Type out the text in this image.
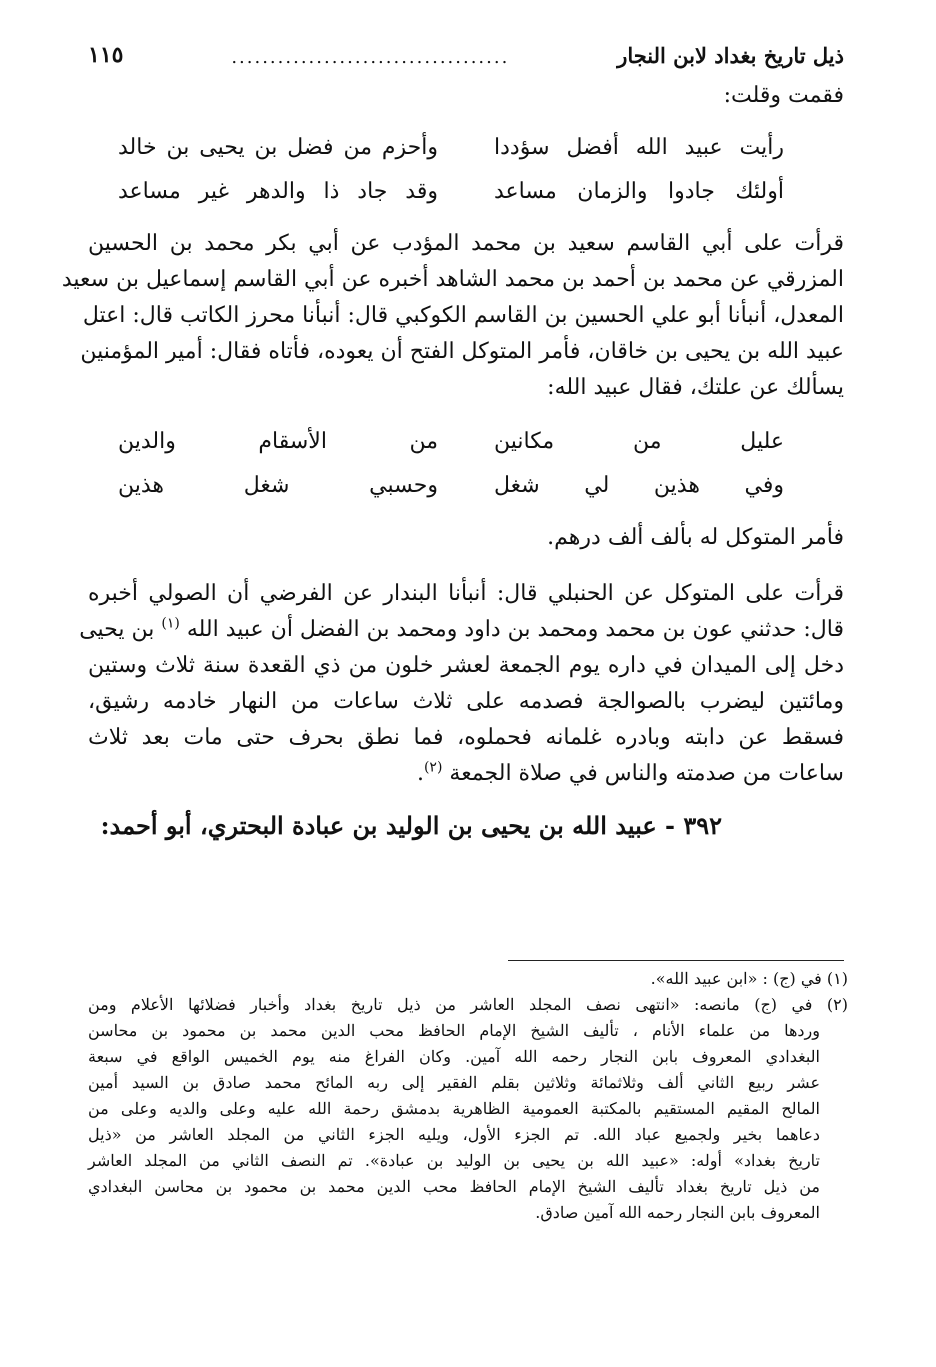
ذيل تاريخ بغداد لابن النجار
....................................
١١٥
فقمت وقلت:
رأيت عبيد الله أفضل سؤددا
وأحزم من فضل بن يحيى بن خالد
أولئك جادوا والزمان مساعد
وقد جاد ذا والدهر غير مساعد
قرأت على أبي القاسم سعيد بن محمد المؤدب عن أبي بكر محمد بن الحسين
المزرقي عن محمد بن أحمد بن محمد الشاهد أخبره عن أبي القاسم إسماعيل بن سعيد
المعدل، أنبأنا أبو علي الحسين بن القاسم الكوكبي قال: أنبأنا محرز الكاتب قال: اعتل
عبيد الله بن يحيى بن خاقان، فأمر المتوكل الفتح أن يعوده، فأتاه فقال: أمير المؤمنين
يسألك عن علتك، فقال عبيد الله:
عليل من مكانين
من الأسقام والدين
وفي هذين لي شغل
وحسبي شغل هذين
فأمر المتوكل له بألف ألف درهم.
قرأت على المتوكل عن الحنبلي قال: أنبأنا البندار عن الفرضي أن الصولي أخبره
قال: حدثني عون بن محمد ومحمد بن داود ومحمد بن الفضل أن عبيد الله $^{(١)}$ بن يحيى
دخل إلى الميدان في داره يوم الجمعة لعشر خلون من ذي القعدة سنة ثلاث وستين
ومائتين ليضرب بالصوالجة فصدمه على ثلاث ساعات من النهار خادمه رشيق،
فسقط عن دابته وبادره غلمانه فحملوه، فما نطق بحرف حتى مات بعد ثلاث
ساعات من صدمته والناس في صلاة الجمعة $^{(٢)}$.
٣٩٢ - عبيد الله بن يحيى بن الوليد بن عبادة البحتري، أبو أحمد:
(١) في (ج) : «ابن عبيد الله».
(٢) في (ج) مانصه: «انتهى نصف المجلد العاشر من ذيل تاريخ بغداد وأخبار فضلائها الأعلام ومن
وردها من علماء الأنام ، تأليف الشيخ الإمام الحافظ محب الدين محمد بن محمود بن محاسن
البغدادي المعروف بابن النجار رحمه الله آمين. وكان الفراغ منه يوم الخميس الواقع في سبعة
عشر ربيع الثاني ألف وثلاثمائة وثلاثين بقلم الفقير إلى ربه المائح محمد صادق بن السيد أمين
المالح المقيم المستقيم بالمكتبة العمومية الظاهرية بدمشق رحمة الله عليه وعلى والديه وعلى من
دعاهما بخير ولجميع عباد الله. تم الجزء الأول، ويليه الجزء الثاني من المجلد العاشر من «ذيل
تاريخ بغداد» أوله: «عبيد الله بن يحيى بن الوليد بن عبادة». تم النصف الثاني من المجلد العاشر
من ذيل تاريخ بغداد تأليف الشيخ الإمام الحافظ محب الدين محمد بن محمود بن محاسن البغدادي
المعروف بابن النجار رحمه الله آمين صادق.
